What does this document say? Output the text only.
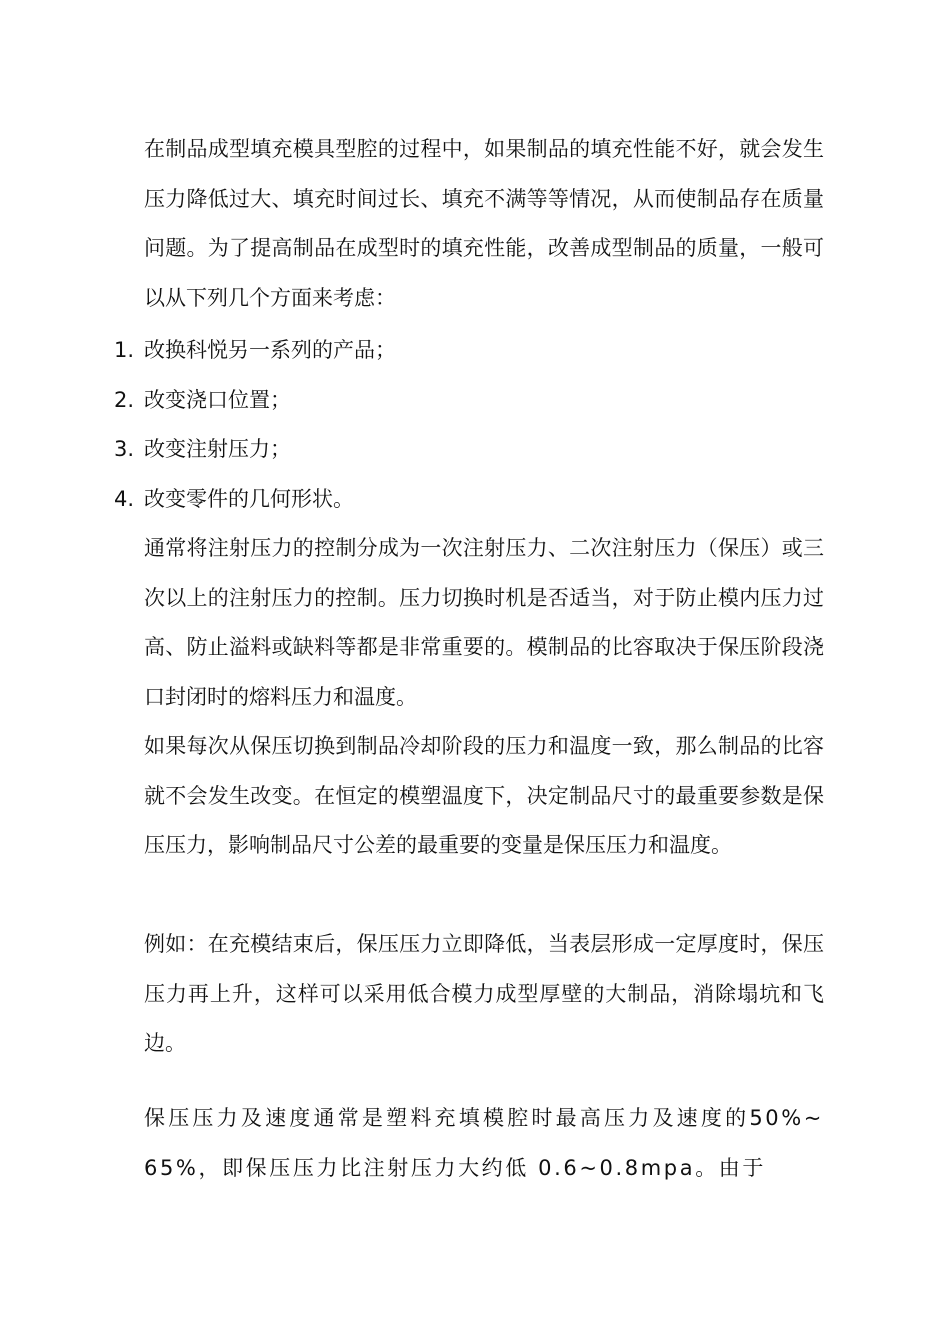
在制品成型填充模具型腔的过程中，如果制品的填充性能不好，就会发生压力降低过大、填充时间过长、填充不满等等情况，从而使制品存在质量问题。为了提高制品在成型时的填充性能，改善成型制品的质量，一般可以从下列几个方面来考虑：

1. 改换科悦另一系列的产品；
2. 改变浇口位置；
3. 改变注射压力；
4. 改变零件的几何形状。

通常将注射压力的控制分成为一次注射压力、二次注射压力（保压）或三次以上的注射压力的控制。压力切换时机是否适当，对于防止模内压力过高、防止溢料或缺料等都是非常重要的。模制品的比容取决于保压阶段浇口封闭时的熔料压力和温度。

如果每次从保压切换到制品冷却阶段的压力和温度一致，那么制品的比容就不会发生改变。在恒定的模塑温度下，决定制品尺寸的最重要参数是保压压力，影响制品尺寸公差的最重要的变量是保压压力和温度。

例如：在充模结束后，保压压力立即降低，当表层形成一定厚度时，保压压力再上升，这样可以采用低合模力成型厚壁的大制品，消除塌坑和飞边。

保压压力及速度通常是塑料充填模腔时最高压力及速度的50%~65%，即保压压力比注射压力大约低 0.6~0.8mpa。由于
